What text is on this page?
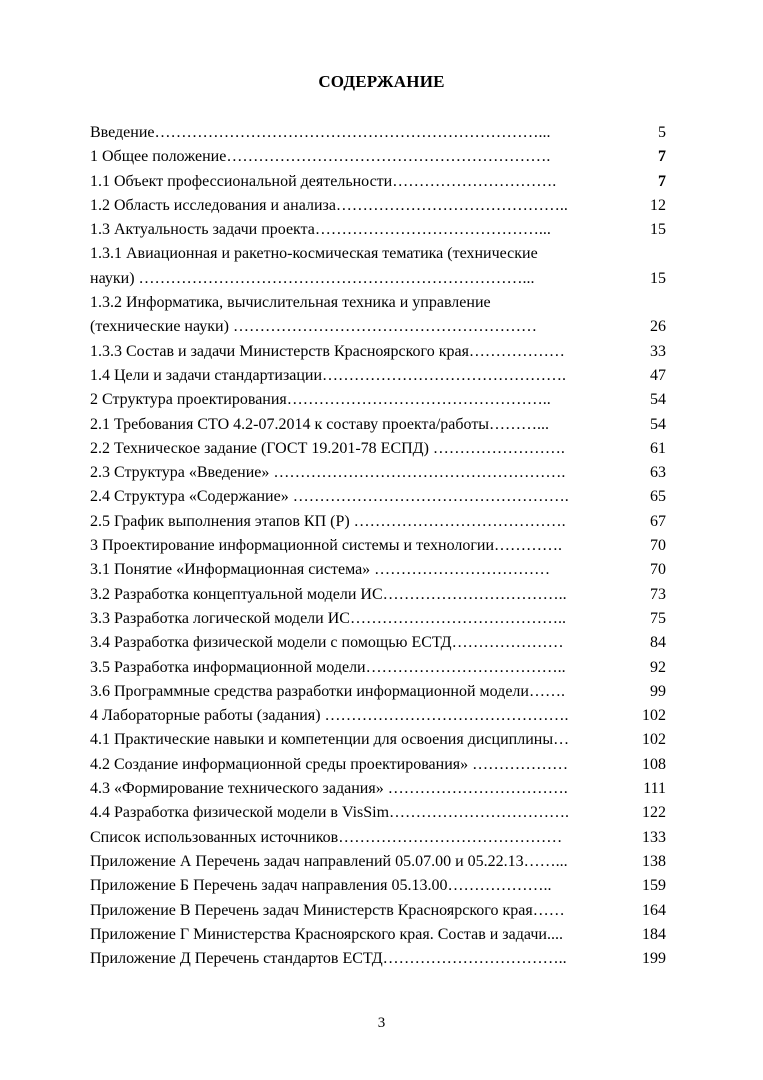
СОДЕРЖАНИЕ
Введение………………………………………………………………...	5
1 Общее положение…………………………………………………….	7
1.1 Объект профессиональной деятельности………………………….	7
1.2 Область исследования и анализа……………………………………..	12
1.3 Актуальность задачи проекта……………………………………...	15
1.3.1 Авиационная и ракетно-космическая тематика (технические
науки) ………………………………………………………………...	15
1.3.2 Информатика, вычислительная техника и управление
(технические науки) …………………………………………………	26
1.3.3 Состав и задачи Министерств Красноярского края………………	33
1.4 Цели и задачи стандартизации……………………………………….	47
2 Структура проектирования…………………………………………..	54
2.1 Требования СТО 4.2-07.2014 к составу проекта/работы………...	54
2.2 Техническое задание (ГОСТ 19.201-78 ЕСПД) …………………….	61
2.3 Структура «Введение» ……………………………………………….	63
2.4 Структура «Содержание» …………………………………………….	65
2.5 График выполнения этапов КП (Р) ………………………………….	67
3 Проектирование информационной системы и технологии………….	70
3.1 Понятие «Информационная система» ……………………………	70
3.2 Разработка концептуальной модели ИС……………………………..	73
3.3 Разработка логической модели ИС…………………………………..	75
3.4 Разработка физической модели с помощью ЕСТД…………………	84
3.5 Разработка информационной модели………………………………..	92
3.6 Программные средства разработки информационной модели…….	99
4 Лабораторные работы (задания) ……………………………………….	102
4.1 Практические навыки и компетенции для освоения дисциплины…	102
4.2 Создание информационной среды проектирования» ………………	108
4.3 «Формирование технического задания» …………………………….	111
4.4 Разработка физической модели в VisSim…………………………….	122
Список использованных источников……………………………………	133
Приложение А Перечень задач направлений 05.07.00 и 05.22.13……...	138
Приложение Б Перечень задач направления 05.13.00………………..	159
Приложение В Перечень задач Министерств Красноярского края……	164
Приложение Г Министерства Красноярского края. Состав и задачи....	184
Приложение Д Перечень стандартов ЕСТД……………………………..	199
3
